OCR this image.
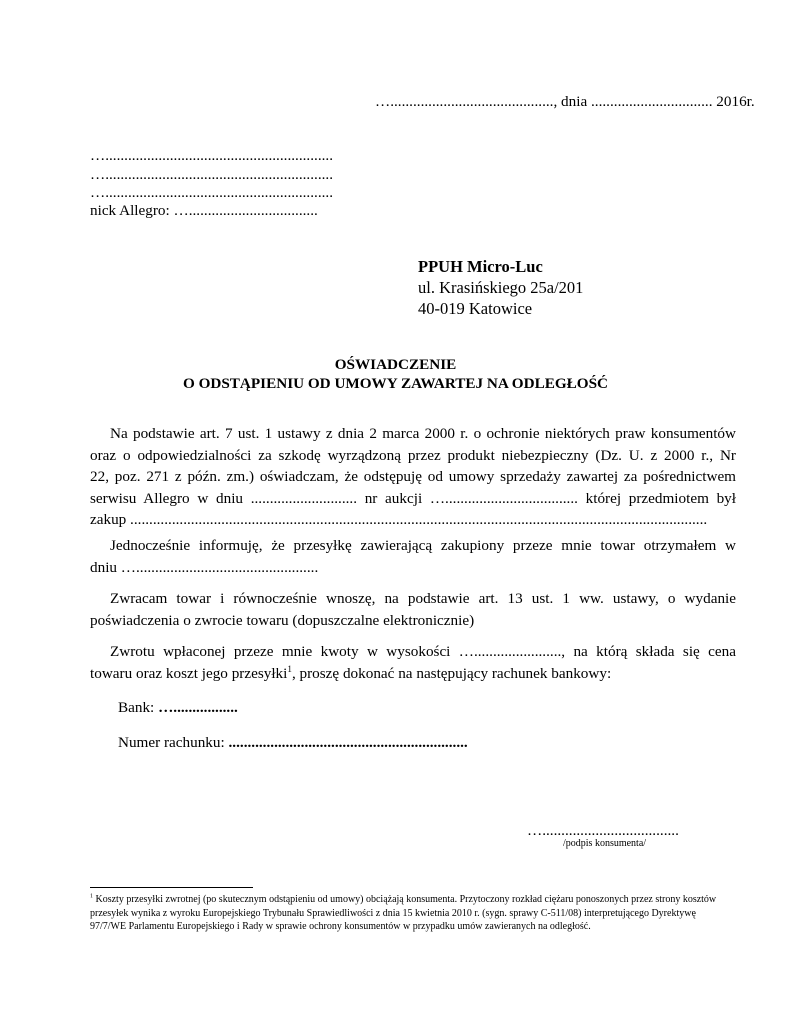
…..........................................., dnia ................................ 2016r.
…............................................................
…............................................................
…............................................................
nick Allegro: …..................................
PPUH Micro-Luc
ul. Krasińskiego 25a/201
40-019 Katowice
OŚWIADCZENIE
O ODSTĄPIENIU OD UMOWY ZAWARTEJ NA ODLEGŁOŚĆ
Na podstawie art. 7 ust. 1 ustawy z dnia 2 marca 2000 r. o ochronie niektórych praw konsumentów
oraz o odpowiedzialności za szkodę wyrządzoną przez produkt niebezpieczny (Dz. U. z 2000 r., Nr
22, poz. 271 z późn. zm.) oświadczam, że odstępuję od umowy sprzedaży zawartej za pośrednictwem
serwisu Allegro w dniu ............................ nr aukcji …................................... której przedmiotem był
zakup ........................................................................................................................................................
Jednocześnie informuję, że przesyłkę zawierającą zakupiony przeze mnie towar otrzymałem w
dniu …................................................
Zwracam towar i równocześnie wnoszę, na podstawie art. 13 ust. 1 ww. ustawy, o wydanie
poświadczenia o zwrocie towaru (dopuszczalne elektronicznie)
Zwrotu wpłaconej przeze mnie kwoty w wysokości …......................., na którą składa się cena
towaru oraz koszt jego przesyłki$^1$, proszę dokonać na następujący rachunek bankowy:
Bank: ….................
Numer rachunku: ...............................................................
…....................................
/podpis konsumenta/
$^1$ Koszty przesyłki zwrotnej (po skutecznym odstąpieniu od umowy) obciążają konsumenta. Przytoczony rozkład ciężaru ponoszonych przez strony kosztów przesyłek wynika z wyroku Europejskiego Trybunału Sprawiedliwości z dnia 15 kwietnia 2010 r. (sygn. sprawy C-511/08) interpretującego Dyrektywę 97/7/WE Parlamentu Europejskiego i Rady w sprawie ochrony konsumentów w przypadku umów zawieranych na odległość.
